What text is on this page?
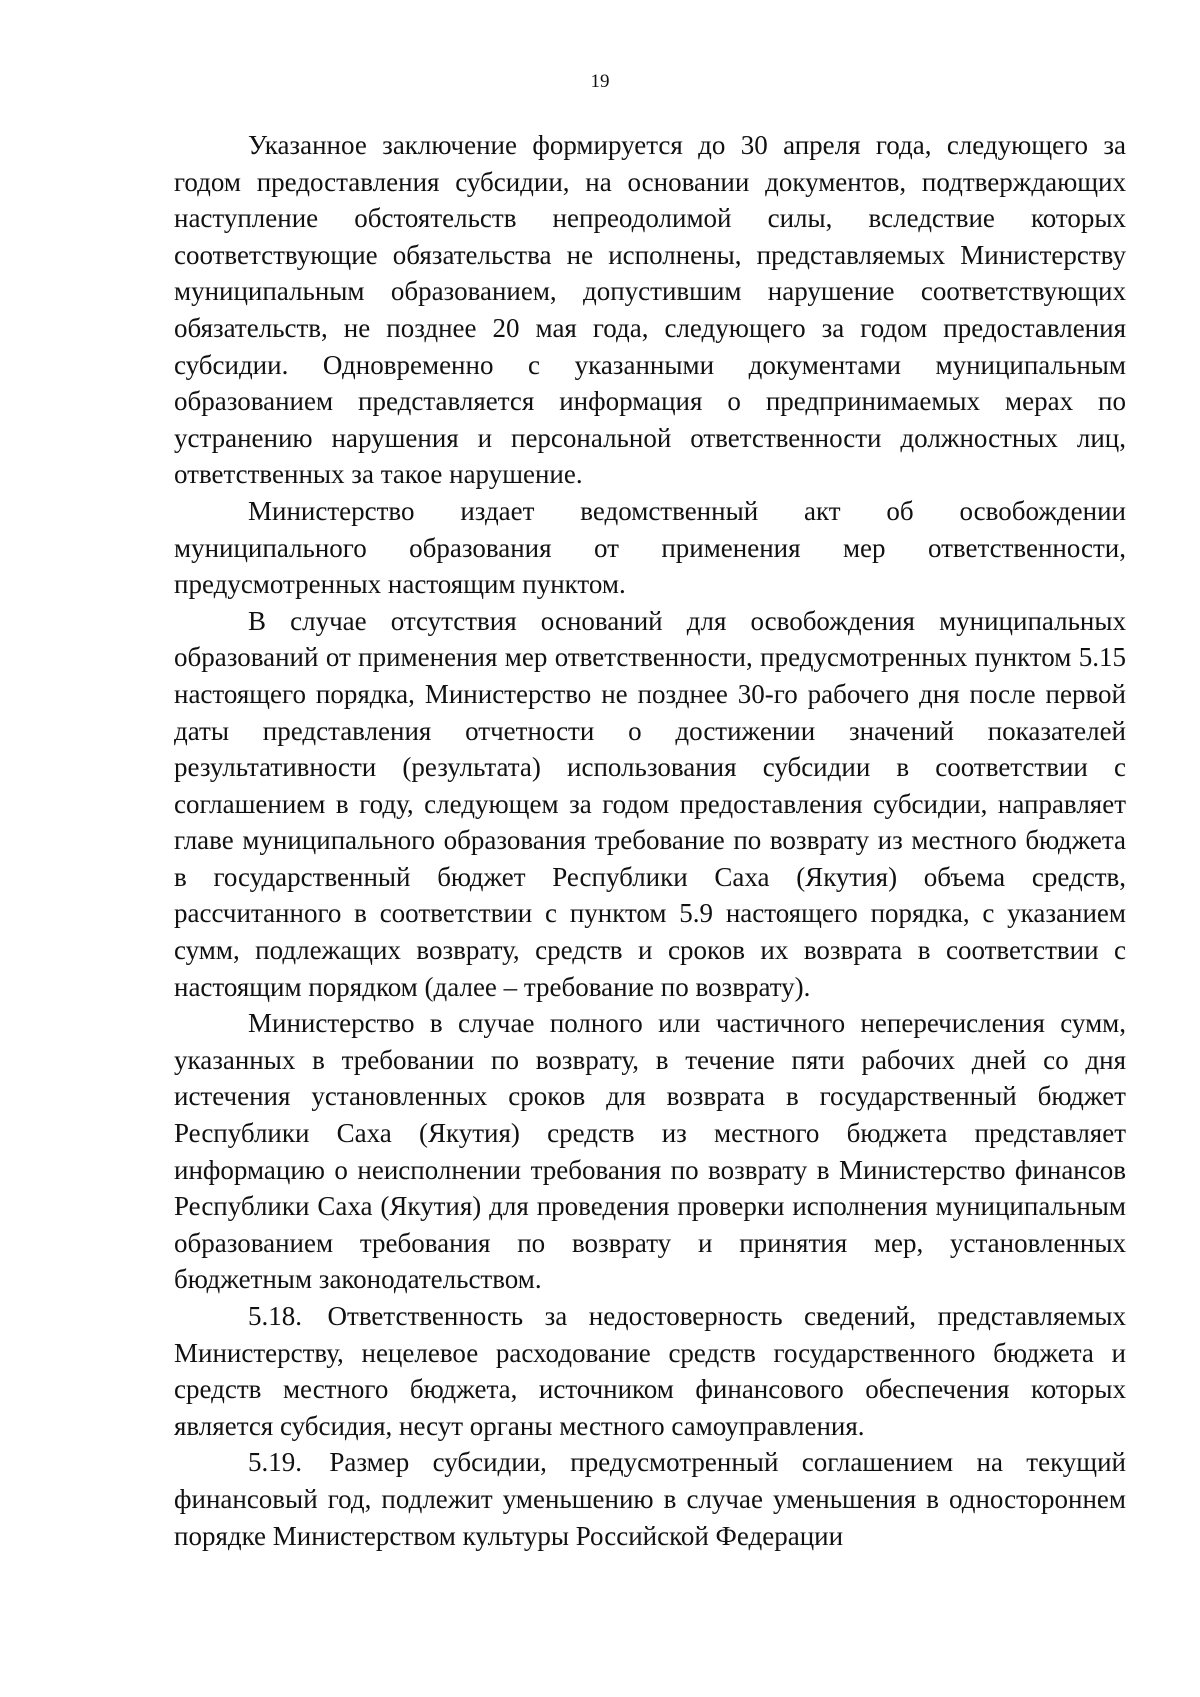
19

Указанное заключение формируется до 30 апреля года, следующего за годом предоставления субсидии, на основании документов, подтверждающих наступление обстоятельств непреодолимой силы, вследствие которых соответствующие обязательства не исполнены, представляемых Министерству муниципальным образованием, допустившим нарушение соответствующих обязательств, не позднее 20 мая года, следующего за годом предоставления субсидии. Одновременно с указанными документами муниципальным образованием представляется информация о предпринимаемых мерах по устранению нарушения и персональной ответственности должностных лиц, ответственных за такое нарушение.

Министерство издает ведомственный акт об освобождении муниципального образования от применения мер ответственности, предусмотренных настоящим пунктом.

В случае отсутствия оснований для освобождения муниципальных образований от применения мер ответственности, предусмотренных пунктом 5.15 настоящего порядка, Министерство не позднее 30-го рабочего дня после первой даты представления отчетности о достижении значений показателей результативности (результата) использования субсидии в соответствии с соглашением в году, следующем за годом предоставления субсидии, направляет главе муниципального образования требование по возврату из местного бюджета в государственный бюджет Республики Саха (Якутия) объема средств, рассчитанного в соответствии с пунктом 5.9 настоящего порядка, с указанием сумм, подлежащих возврату, средств и сроков их возврата в соответствии с настоящим порядком (далее – требование по возврату).

Министерство в случае полного или частичного неперечисления сумм, указанных в требовании по возврату, в течение пяти рабочих дней со дня истечения установленных сроков для возврата в государственный бюджет Республики Саха (Якутия) средств из местного бюджета представляет информацию о неисполнении требования по возврату в Министерство финансов Республики Саха (Якутия) для проведения проверки исполнения муниципальным образованием требования по возврату и принятия мер, установленных бюджетным законодательством.

5.18. Ответственность за недостоверность сведений, представляемых Министерству, нецелевое расходование средств государственного бюджета и средств местного бюджета, источником финансового обеспечения которых является субсидия, несут органы местного самоуправления.

5.19. Размер субсидии, предусмотренный соглашением на текущий финансовый год, подлежит уменьшению в случае уменьшения в одностороннем порядке Министерством культуры Российской Федерации
